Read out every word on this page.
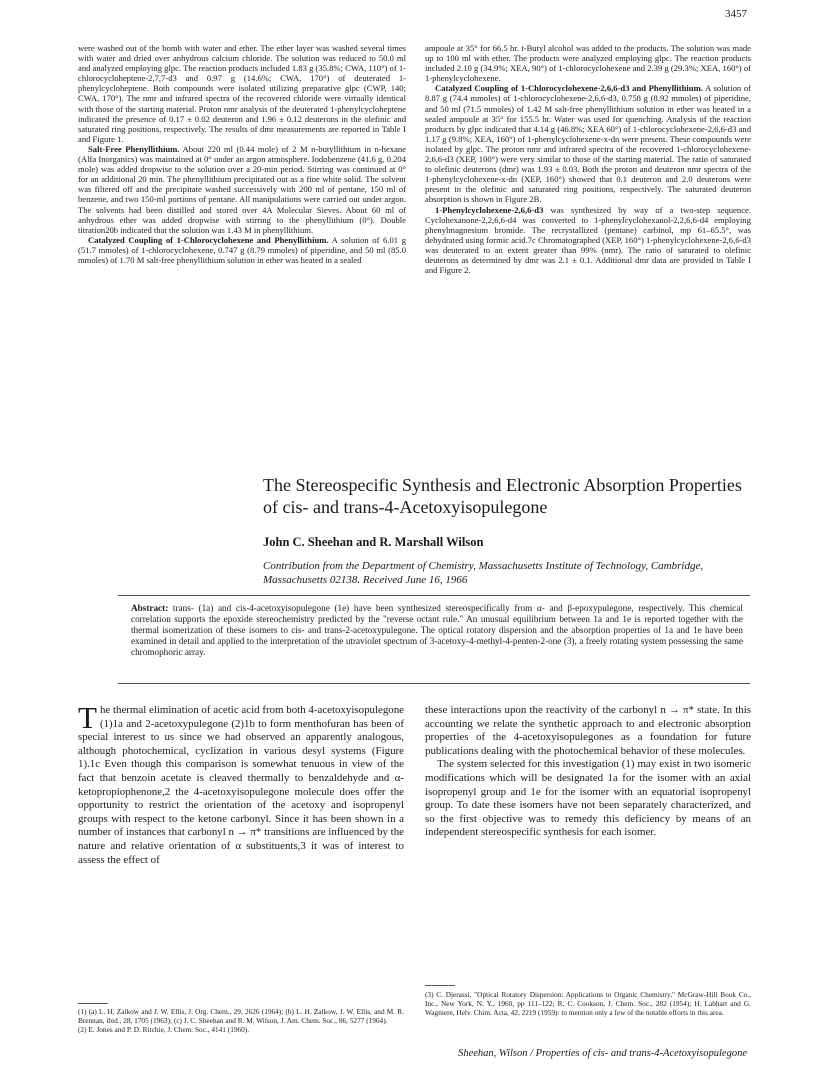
3457

were washed out of the bomb with water and ether. The ether layer was washed several times with water and dried over anhydrous calcium chloride. The solution was reduced to 50.0 ml and analyzed employing glpc. The reaction products included 1.83 g (35.8%; CWA, 110°) of 1-chlorocycloheptene-2,7,7-d3 and 0.97 g (14.6%; CWA, 170°) of deuterated 1-phenylcycloheptene. Both compounds were isolated utilizing preparative glpc (CWP, 140; CWA, 170°). The nmr and infrared spectra of the recovered chloride were virtually identical with those of the starting material. Proton nmr analysis of the deuterated 1-phenylcycloheptene indicated the presence of 0.17 ± 0.02 deuteron and 1.96 ± 0.12 deuterons in the olefinic and saturated ring positions, respectively. The results of dmr measurements are reported in Table I and Figure 1.

Salt-Free Phenyllithium. About 220 ml (0.44 mole) of 2 M n-butyllithium in n-hexane (Alfa Inorganics) was maintained at 0° under an argon atmosphere. Iodobenzene (41.6 g, 0.204 mole) was added dropwise to the solution over a 20-min period. Stirring was continued at 0° for an additional 20 min. The phenyllithium precipitated out as a fine white solid. The solvent was filtered off and the precipitate washed successively with 200 ml of pentane, 150 ml of benzene, and two 150-ml portions of pentane. All manipulations were carried out under argon. The solvents had been distilled and stored over 4A Molecular Sieves. About 60 ml of anhydrous ether was added dropwise with stirring to the phenyllithium (0°). Double titration20b indicated that the solution was 1.43 M in phenyllithium.

Catalyzed Coupling of 1-Chlorocyclohexene and Phenyllithium. A solution of 6.01 g (51.7 mmoles) of 1-chlorocyclohexene, 0.747 g (8.79 mmoles) of piperidine, and 50 ml (85.0 mmoles) of 1.70 M salt-free phenyllithium solution in ether was heated in a sealed

ampoule at 35° for 66.5 hr. t-Butyl alcohol was added to the products. The solution was made up to 100 ml with ether. The products were analyzed employing glpc. The reaction products included 2.10 g (34.9%; XEA, 90°) of 1-chlorocyclohexene and 2.39 g (29.3%; XEA, 160°) of 1-phenylcyclohexene.

Catalyzed Coupling of 1-Chlorocyclohexene-2,6,6-d3 and Phenyllithium. A solution of 8.87 g (74.4 mmoles) of 1-chlorocyclohexene-2,6,6-d3, 0.758 g (8.92 mmoles) of piperidine, and 50 ml (71.5 mmoles) of 1.42 M salt-free phenyllithium solution in ether was heated in a sealed ampoule at 35° for 155.5 hr. Water was used for quenching. Analysis of the reaction products by glpc indicated that 4.14 g (46.8%; XEA 60°) of 1-chlorocyclohexene-2,6,6-d3 and 1.17 g (9.8%; XEA, 160°) of 1-phenylcyclohexene-x-dn were present. These compounds were isolated by glpc. The proton nmr and infrared spectra of the recovered 1-chlorocyclohexene-2,6,6-d3 (XEP, 100°) were very similar to those of the starting material. The ratio of saturated to olefinic deuterons (dmr) was 1.93 ± 0.03. Both the proton and deuteron nmr spectra of the 1-phenylcyclohexene-x-dn (XEP, 160°) showed that 0.1 deuteron and 2.0 deuterons were present in the olefinic and saturated ring positions, respectively. The saturated deuteron absorption is shown in Figure 2B.

1-Phenylcyclohexene-2,6,6-d3 was synthesized by way of a two-step sequence. Cyclohexanone-2,2,6,6-d4 was converted to 1-phenylcyclohexanol-2,2,6,6-d4 employing phenylmagnesium bromide. The recrystallized (pentane) carbinol, mp 61–65.5°, was dehydrated using formic acid.7c Chromatographed (XEP, 160°) 1-phenylcyclohexene-2,6,6-d3 was deuterated to an extent greater than 99% (nmr). The ratio of saturated to olefinic deuterons as determined by dmr was 2.1 ± 0.1. Additional dmr data are provided in Table I and Figure 2.

The Stereospecific Synthesis and Electronic Absorption Properties of cis- and trans-4-Acetoxyisopulegone
John C. Sheehan and R. Marshall Wilson
Contribution from the Department of Chemistry, Massachusetts Institute of Technology, Cambridge, Massachusetts 02138. Received June 16, 1966
Abstract: trans- (1a) and cis-4-acetoxyisopulegone (1e) have been synthesized stereospecifically from α- and β-epoxypulegone, respectively. This chemical correlation supports the epoxide stereochemistry predicted by the "reverse octant rule." An unusual equilibrium between 1a and 1e is reported together with the thermal isomerization of these isomers to cis- and trans-2-acetoxypulegone. The optical rotatory dispersion and the absorption properties of 1a and 1e have been examined in detail and applied to the interpretation of the utraviolet spectrum of 3-acetoxy-4-methyl-4-penten-2-one (3), a freely rotating system possessing the same chromophoric array.

The thermal elimination of acetic acid from both 4-acetoxyisopulegone (1)1a and 2-acetoxypulegone (2)1b to form menthofuran has been of special interest to us since we had observed an apparently analogous, although photochemical, cyclization in various desyl systems (Figure 1).1c Even though this comparison is somewhat tenuous in view of the fact that benzoin acetate is cleaved thermally to benzaldehyde and α-ketopropiophenone,2 the 4-acetoxyisopulegone molecule does offer the opportunity to restrict the orientation of the acetoxy and isopropenyl groups with respect to the ketone carbonyl. Since it has been shown in a number of instances that carbonyl n → π* transitions are influenced by the nature and relative orientation of α substituents,3 it was of interest to assess the effect of

these interactions upon the reactivity of the carbonyl n → π* state. In this accounting we relate the synthetic approach to and electronic absorption properties of the 4-acetoxyisopulegones as a foundation for future publications dealing with the photochemical behavior of these molecules.

The system selected for this investigation (1) may exist in two isomeric modifications which will be designated 1a for the isomer with an axial isopropenyl group and 1e for the isomer with an equatorial isopropenyl group. To date these isomers have not been separately characterized, and so the first objective was to remedy this deficiency by means of an independent stereospecific synthesis for each isomer.

(1) (a) L. H. Zalkow and J. W. Ellis, J. Org. Chem., 29, 2626 (1964); (b) L. H. Zalkow, J. W. Ellis, and M. R. Brennan, ibid., 28, 1705 (1963); (c) J. C. Sheehan and R. M. Wilson, J. Am. Chem. Soc., 86, 5277 (1964).
(2) E. Jones and P. D. Ritchie, J. Chem. Soc., 4141 (1960).
(3) C. Djerassi, "Optical Rotatory Dispersion: Applications to Organic Chemistry," McGraw-Hill Book Co., Inc., New York, N. Y., 1960, pp 111–122; R. C. Cookson, J. Chem. Soc., 282 (1954); H. Labhart and G. Wagniere, Helv. Chim. Acta, 42, 2219 (1959): to mention only a few of the notable efforts in this area.
Sheehan, Wilson / Properties of cis- and trans-4-Acetoxyisopulegone
